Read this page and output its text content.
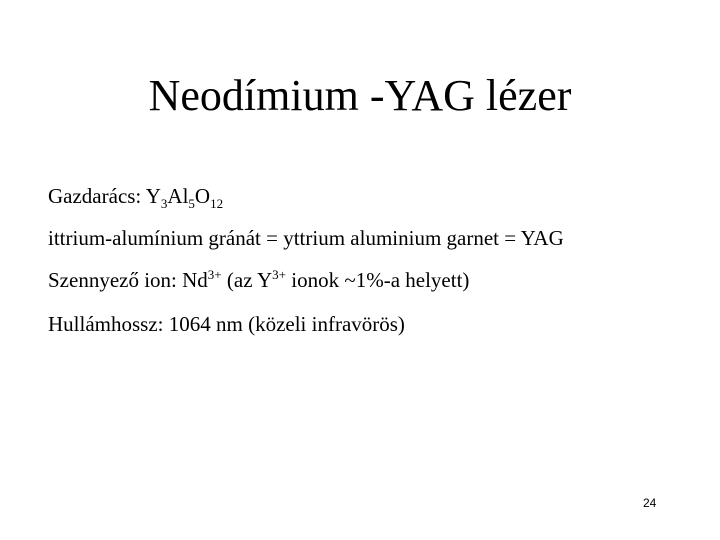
Neodímium -YAG lézer
Gazdarács: $Y_3Al_5O_{12}$
ittrium-alumínium gránát = yttrium aluminium garnet = YAG
Szennyező ion: $Nd^{3+}$ (az $Y^{3+}$ ionok ~1%-a helyett)
Hullámhossz: 1064 nm (közeli infravörös)
24
